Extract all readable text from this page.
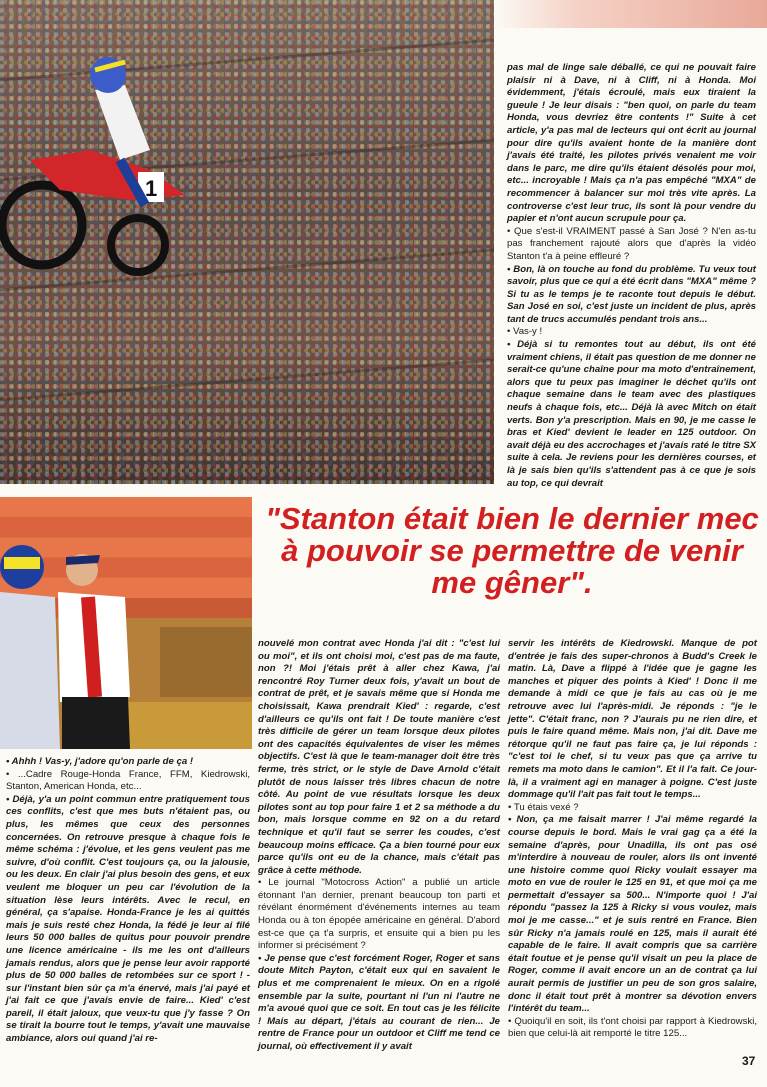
1
"Stanton était bien le dernier mec à pouvoir se permettre de venir me gêner".

pas mal de linge sale déballé, ce qui ne pouvait faire plaisir ni à Dave, ni à Cliff, ni à Honda. Moi évidemment, j'étais écroulé, mais eux tiraient la gueule ! Je leur disais : "ben quoi, on parle du team Honda, vous devriez être contents !" Suite à cet article, y'a pas mal de lecteurs qui ont écrit au journal pour dire qu'ils avaient honte de la manière dont j'avais été traité, les pilotes privés venaient me voir dans le parc, me dire qu'ils étaient désolés pour moi, etc... incroyable ! Mais ça n'a pas empêché "MXA" de recommencer à balancer sur moi très vite après. La controverse c'est leur truc, ils sont là pour vendre du papier et n'ont aucun scrupule pour ça.

• Que s'est-il VRAIMENT passé à San José ? N'en as-tu pas franchement rajouté alors que d'après la vidéo Stanton t'a à peine effleuré ?

• Bon, là on touche au fond du problème. Tu veux tout savoir, plus que ce qui a été écrit dans "MXA" même ? Si tu as le temps je te raconte tout depuis le début. San José en soi, c'est juste un incident de plus, après tant de trucs accumulés pendant trois ans...

• Vas-y !

• Déjà si tu remontes tout au début, ils ont été vraiment chiens, il était pas question de me donner ne serait-ce qu'une chaîne pour ma moto d'entraînement, alors que tu peux pas imaginer le déchet qu'ils ont chaque semaine dans le team avec des plastiques neufs à chaque fois, etc... Déjà là avec Mitch on était verts. Bon y'a prescription. Mais en 90, je me casse le bras et Kied' devient le leader en 125 outdoor. On avait déjà eu des accrochages et j'avais raté le titre SX suite à cela. Je reviens pour les dernières courses, et là je sais bien qu'ils s'attendent pas à ce que je sois au top, ce qui devrait

• Ahhh ! Vas-y, j'adore qu'on parle de ça !

• ...Cadre Rouge-Honda France, FFM, Kiedrowski, Stanton, American Honda, etc...

• Déjà, y'a un point commun entre pratiquement tous ces conflits, c'est que mes buts n'étaient pas, ou plus, les mêmes que ceux des personnes concernées. On retrouve presque à chaque fois le même schéma : j'évolue, et les gens veulent pas me suivre, d'où conflit. C'est toujours ça, ou la jalousie, ou les deux. En clair j'ai plus besoin des gens, et eux veulent me bloquer un peu car l'évolution de la situation lèse leurs intérêts. Avec le recul, en général, ça s'apaise. Honda-France je les ai quittés mais je suis resté chez Honda, la fédé je leur ai filé leurs 50 000 balles de quitus pour pouvoir prendre une licence américaine - ils me les ont d'ailleurs jamais rendus, alors que je pense leur avoir rapporté plus de 50 000 balles de retombées sur ce sport ! - sur l'instant bien sûr ça m'a énervé, mais j'ai payé et j'ai fait ce que j'avais envie de faire... Kied' c'est pareil, il était jaloux, que veux-tu que j'y fasse ? On se tirait la bourre tout le temps, y'avait une mauvaise ambiance, alors oui quand j'ai re-

nouvelé mon contrat avec Honda j'ai dit : "c'est lui ou moi", et ils ont choisi moi, c'est pas de ma faute, non ?! Moi j'étais prêt à aller chez Kawa, j'ai rencontré Roy Turner deux fois, y'avait un bout de contrat de prêt, et je savais même que si Honda me choisissait, Kawa prendrait Kied' : regarde, c'est d'ailleurs ce qu'ils ont fait ! De toute manière c'est très difficile de gérer un team lorsque deux pilotes ont des capacités équivalentes de viser les mêmes objectifs. C'est là que le team-manager doit être très ferme, très strict, or le style de Dave Arnold c'était plutôt de nous laisser très libres chacun de notre côté. Au point de vue résultats lorsque les deux pilotes sont au top pour faire 1 et 2 sa méthode a du bon, mais lorsque comme en 92 on a du retard technique et qu'il faut se serrer les coudes, c'est beaucoup moins efficace. Ça a bien tourné pour eux parce qu'ils ont eu de la chance, mais c'était pas grâce à cette méthode.

• Le journal "Motocross Action" a publié un article étonnant l'an dernier, prenant beaucoup ton parti et révélant énormément d'événements internes au team Honda ou à ton épopée américaine en général. D'abord est-ce que ça t'a surpris, et ensuite qui a bien pu les informer si précisément ?

• Je pense que c'est forcément Roger, Roger et sans doute Mitch Payton, c'était eux qui en savaient le plus et me comprenaient le mieux. On en a rigolé ensemble par la suite, pourtant ni l'un ni l'autre ne m'a avoué quoi que ce soit. En tout cas je les félicite ! Mais au départ, j'étais au courant de rien... Je rentre de France pour un outdoor et Cliff me tend ce journal, où effectivement il y avait

servir les intérêts de Kiedrowski. Manque de pot d'entrée je fais des super-chronos à Budd's Creek le matin. Là, Dave a flippé à l'idée que je gagne les manches et piquer des points à Kied' ! Donc il me demande à midi ce que je fais au cas où je me retrouve avec lui l'après-midi. Je réponds : "je le jette". C'était franc, non ? J'aurais pu ne rien dire, et puis le faire quand même. Mais non, j'ai dit. Dave me rétorque qu'il ne faut pas faire ça, je lui réponds : "c'est toi le chef, si tu veux pas que ça arrive tu remets ma moto dans le camion". Et il l'a fait. Ce jour-là, il a vraiment agi en manager à poigne. C'est juste dommage qu'il l'ait pas fait tout le temps...

• Tu étais vexé ?

• Non, ça me faisait marrer ! J'ai même regardé la course depuis le bord. Mais le vrai gag ça a été la semaine d'après, pour Unadilla, ils ont pas osé m'interdire à nouveau de rouler, alors ils ont inventé une histoire comme quoi Ricky voulait essayer ma moto en vue de rouler le 125 en 91, et que moi ça me permettait d'essayer sa 500... N'importe quoi ! J'ai répondu "passez la 125 à Ricky si vous voulez, mais moi je me casse..." et je suis rentré en France. Bien sûr Ricky n'a jamais roulé en 125, mais il aurait été capable de le faire. Il avait compris que sa carrière était foutue et je pense qu'il visait un peu la place de Roger, comme il avait encore un an de contrat ça lui aurait permis de justifier un peu de son gros salaire, donc il était tout prêt à montrer sa dévotion envers l'intérêt du team...

• Quoiqu'il en soit, ils t'ont choisi par rapport à Kiedrowski, bien que celui-là ait remporté le titre 125...

37
